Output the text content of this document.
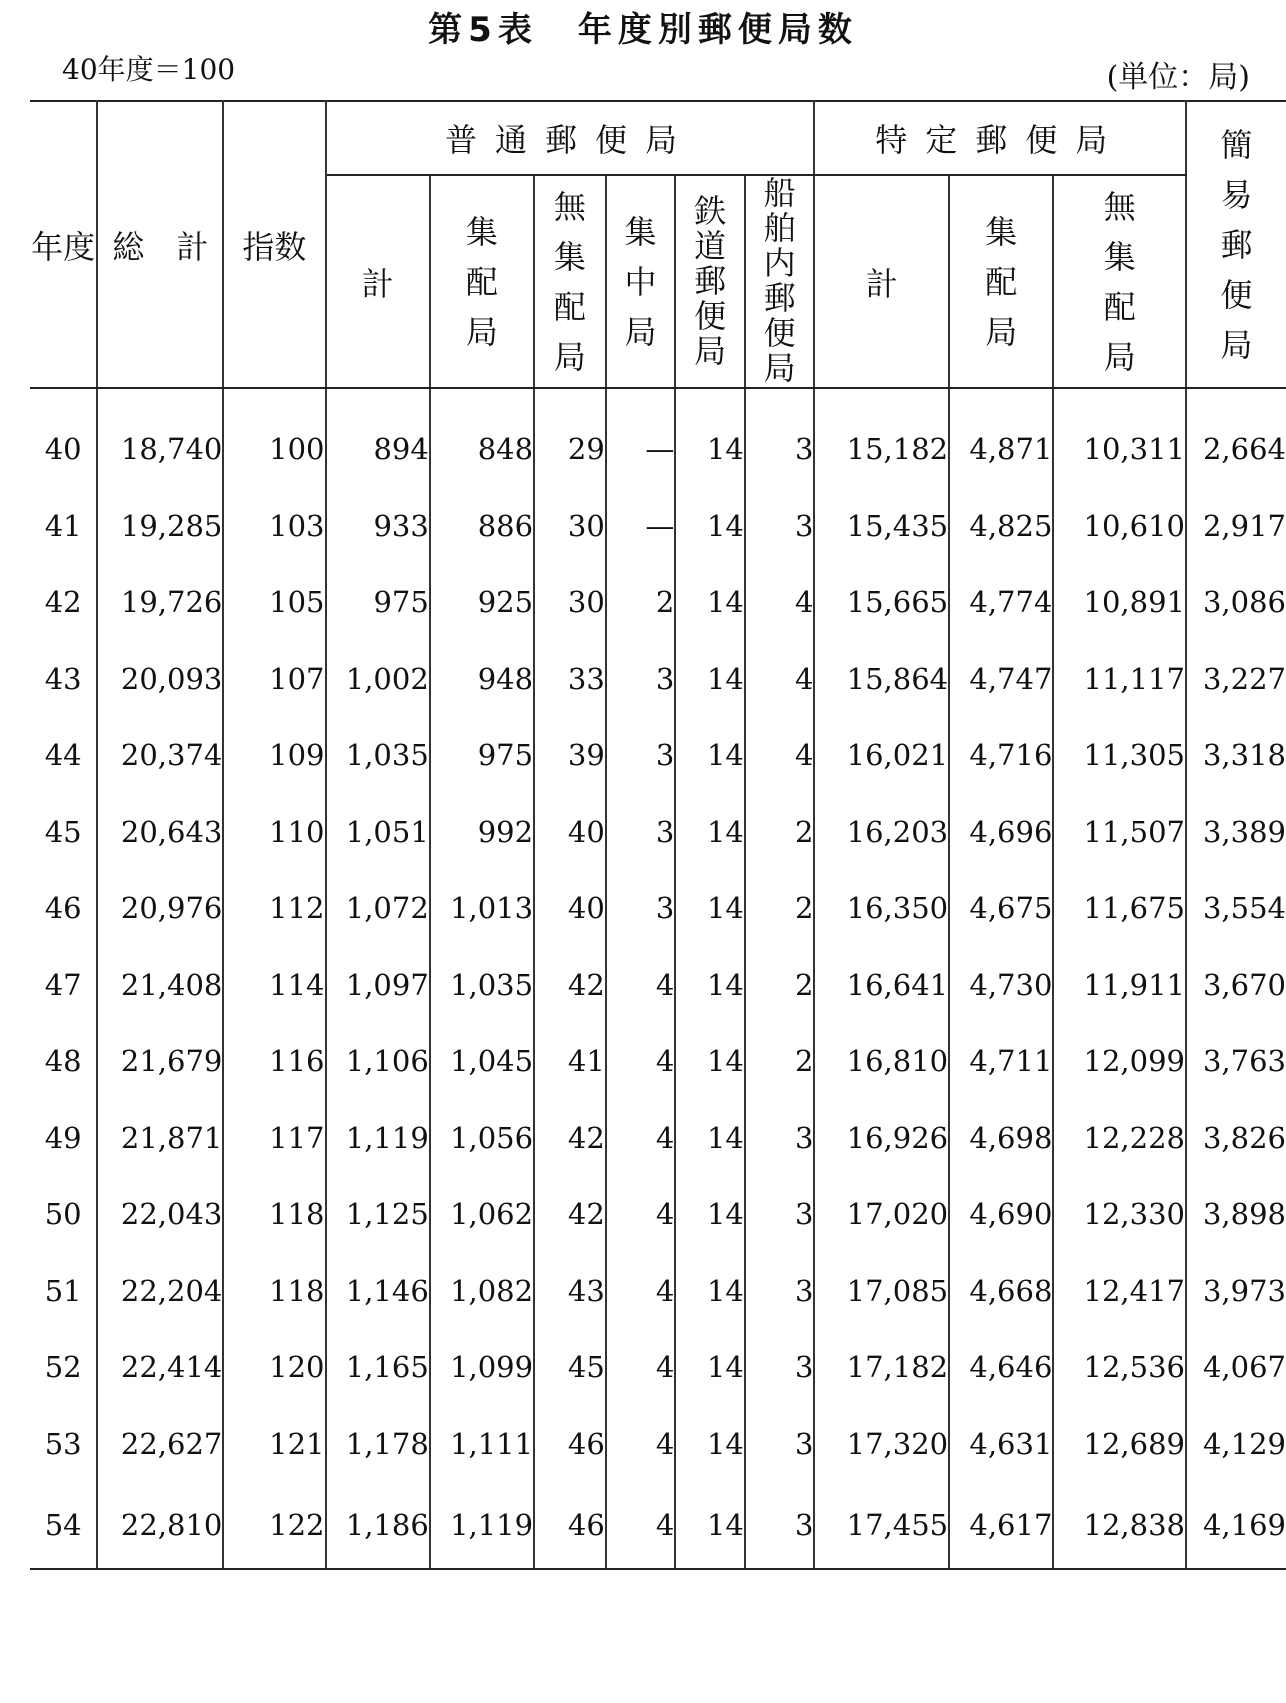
第5表　年度別郵便局数
40年度＝100	(単位：局)
年度	総　計	指数	普通郵便局						特定郵便局			簡易郵便局
			計	集配局	無集配局	集中局	鉄道郵便局	船舶内郵便局	計	集配局	無集配局	
40	18,740	100	894	848	29	—	14	3	15,182	4,871	10,311	2,664
41	19,285	103	933	886	30	—	14	3	15,435	4,825	10,610	2,917
42	19,726	105	975	925	30	2	14	4	15,665	4,774	10,891	3,086
43	20,093	107	1,002	948	33	3	14	4	15,864	4,747	11,117	3,227
44	20,374	109	1,035	975	39	3	14	4	16,021	4,716	11,305	3,318
45	20,643	110	1,051	992	40	3	14	2	16,203	4,696	11,507	3,389
46	20,976	112	1,072	1,013	40	3	14	2	16,350	4,675	11,675	3,554
47	21,408	114	1,097	1,035	42	4	14	2	16,641	4,730	11,911	3,670
48	21,679	116	1,106	1,045	41	4	14	2	16,810	4,711	12,099	3,763
49	21,871	117	1,119	1,056	42	4	14	3	16,926	4,698	12,228	3,826
50	22,043	118	1,125	1,062	42	4	14	3	17,020	4,690	12,330	3,898
51	22,204	118	1,146	1,082	43	4	14	3	17,085	4,668	12,417	3,973
52	22,414	120	1,165	1,099	45	4	14	3	17,182	4,646	12,536	4,067
53	22,627	121	1,178	1,111	46	4	14	3	17,320	4,631	12,689	4,129
54	22,810	122	1,186	1,119	46	4	14	3	17,455	4,617	12,838	4,169
